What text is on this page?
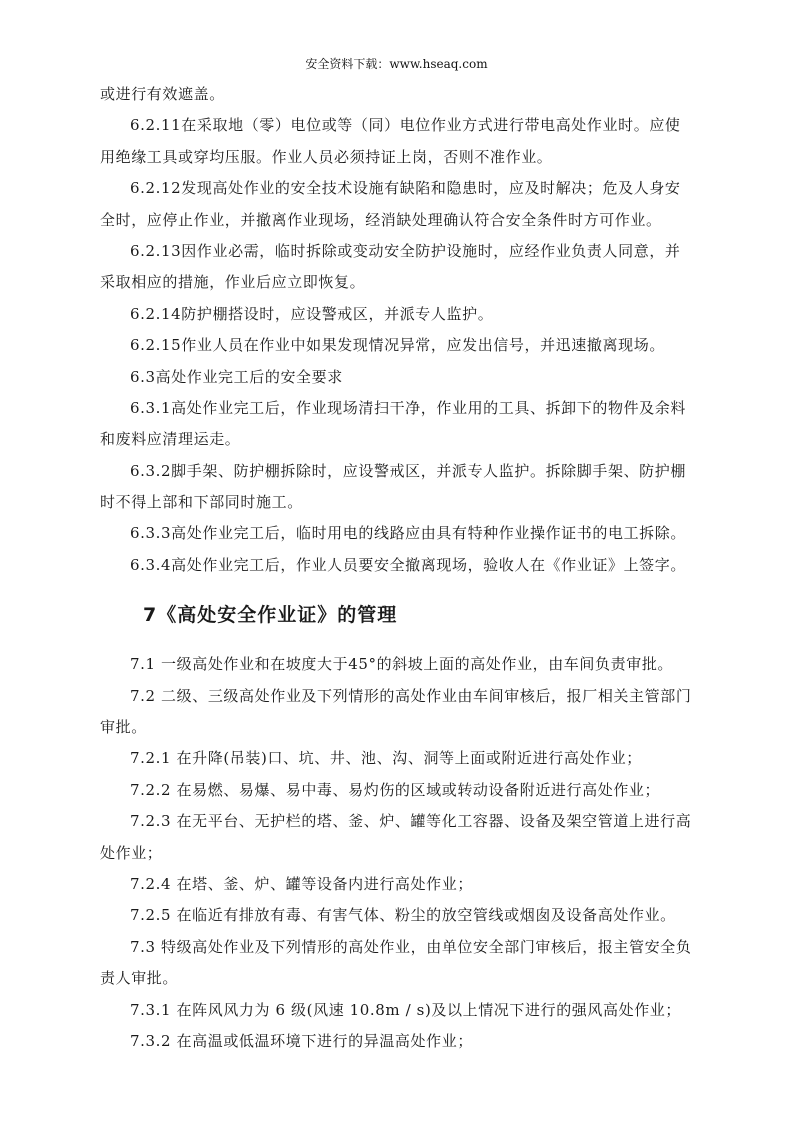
安全资料下载：www.hseaq.com
或进行有效遮盖。
6.2.11在采取地（零）电位或等（同）电位作业方式进行带电高处作业时。应使
用绝缘工具或穿均压服。作业人员必须持证上岗，否则不准作业。
6.2.12发现高处作业的安全技术设施有缺陷和隐患时，应及时解决；危及人身安
全时，应停止作业，并撤离作业现场，经消缺处理确认符合安全条件时方可作业。
6.2.13因作业必需，临时拆除或变动安全防护设施时，应经作业负责人同意，并
采取相应的措施，作业后应立即恢复。
6.2.14防护棚搭设时，应设警戒区，并派专人监护。
6.2.15作业人员在作业中如果发现情况异常，应发出信号，并迅速撤离现场。
6.3高处作业完工后的安全要求
6.3.1高处作业完工后，作业现场清扫干净，作业用的工具、拆卸下的物件及余料
和废料应清理运走。
6.3.2脚手架、防护棚拆除时，应设警戒区，并派专人监护。拆除脚手架、防护棚
时不得上部和下部同时施工。
6.3.3高处作业完工后，临时用电的线路应由具有特种作业操作证书的电工拆除。
6.3.4高处作业完工后，作业人员要安全撤离现场，验收人在《作业证》上签字。
7《高处安全作业证》的管理
7.1 一级高处作业和在坡度大于45°的斜坡上面的高处作业，由车间负责审批。
7.2 二级、三级高处作业及下列情形的高处作业由车间审核后，报厂相关主管部门
审批。
7.2.1 在升降(吊装)口、坑、井、池、沟、洞等上面或附近进行高处作业；
7.2.2 在易燃、易爆、易中毒、易灼伤的区域或转动设备附近进行高处作业；
7.2.3 在无平台、无护栏的塔、釜、炉、罐等化工容器、设备及架空管道上进行高
处作业；
7.2.4 在塔、釜、炉、罐等设备内进行高处作业；
7.2.5 在临近有排放有毒、有害气体、粉尘的放空管线或烟囱及设备高处作业。
7.3 特级高处作业及下列情形的高处作业，由单位安全部门审核后，报主管安全负
责人审批。
7.3.1 在阵风风力为 6 级(风速 10.8m / s)及以上情况下进行的强风高处作业；
7.3.2 在高温或低温环境下进行的异温高处作业；
